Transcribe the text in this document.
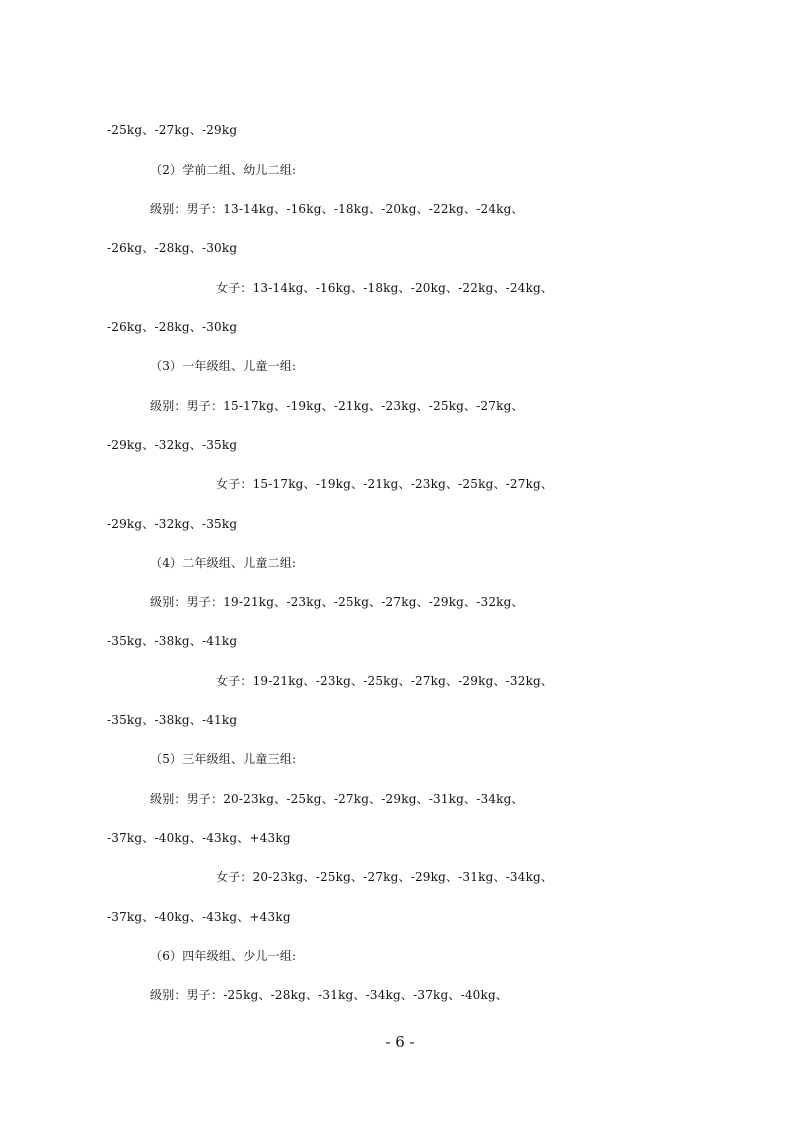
-25kg、-27kg、-29kg
（2）学前二组、幼儿二组:
级别：男子：13-14kg、-16kg、-18kg、-20kg、-22kg、-24kg、
-26kg、-28kg、-30kg
女子：13-14kg、-16kg、-18kg、-20kg、-22kg、-24kg、
-26kg、-28kg、-30kg
（3）一年级组、儿童一组:
级别：男子：15-17kg、-19kg、-21kg、-23kg、-25kg、-27kg、
-29kg、-32kg、-35kg
女子：15-17kg、-19kg、-21kg、-23kg、-25kg、-27kg、
-29kg、-32kg、-35kg
（4）二年级组、儿童二组:
级别：男子：19-21kg、-23kg、-25kg、-27kg、-29kg、-32kg、
-35kg、-38kg、-41kg
女子：19-21kg、-23kg、-25kg、-27kg、-29kg、-32kg、
-35kg、-38kg、-41kg
（5）三年级组、儿童三组:
级别：男子：20-23kg、-25kg、-27kg、-29kg、-31kg、-34kg、
-37kg、-40kg、-43kg、+43kg
女子：20-23kg、-25kg、-27kg、-29kg、-31kg、-34kg、
-37kg、-40kg、-43kg、+43kg
（6）四年级组、少儿一组:
级别：男子：-25kg、-28kg、-31kg、-34kg、-37kg、-40kg、
- 6 -
